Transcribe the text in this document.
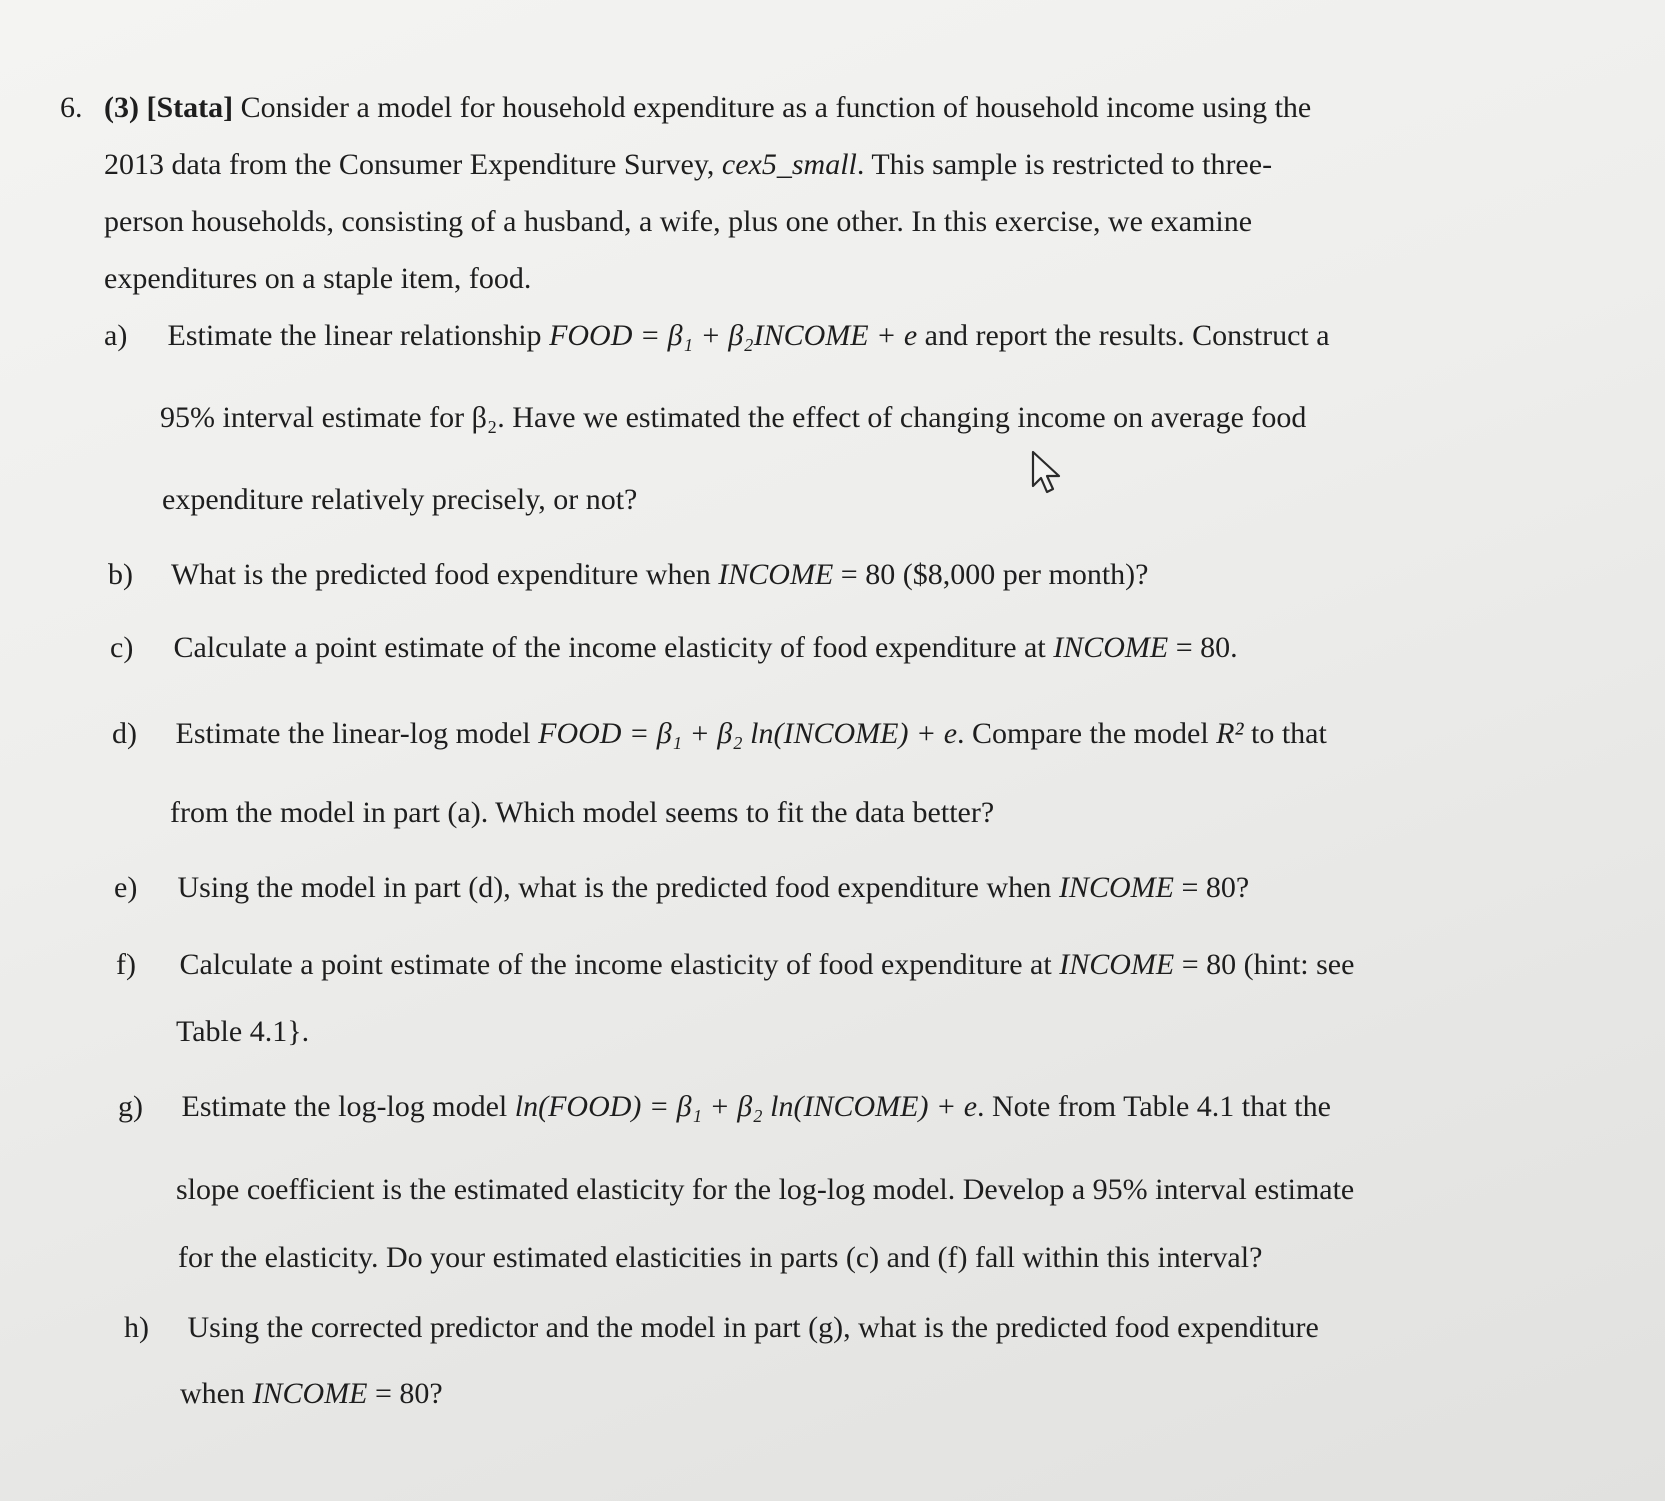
6. (3) [Stata] Consider a model for household expenditure as a function of household income using the
2013 data from the Consumer Expenditure Survey, cex5_small. This sample is restricted to three-
person households, consisting of a husband, a wife, plus one other. In this exercise, we examine
expenditures on a staple item, food.
a) Estimate the linear relationship FOOD = β₁ + β₂INCOME + e and report the results. Construct a
95% interval estimate for β₂. Have we estimated the effect of changing income on average food
expenditure relatively precisely, or not?
b) What is the predicted food expenditure when INCOME = 80 ($8,000 per month)?
c) Calculate a point estimate of the income elasticity of food expenditure at INCOME = 80.
d) Estimate the linear-log model FOOD = β₁ + β₂ ln(INCOME) + e. Compare the model R² to that
from the model in part (a). Which model seems to fit the data better?
e) Using the model in part (d), what is the predicted food expenditure when INCOME = 80?
f) Calculate a point estimate of the income elasticity of food expenditure at INCOME = 80 (hint: see
Table 4.1}.
g) Estimate the log-log model ln(FOOD) = β₁ + β₂ ln(INCOME) + e. Note from Table 4.1 that the
slope coefficient is the estimated elasticity for the log-log model. Develop a 95% interval estimate
for the elasticity. Do your estimated elasticities in parts (c) and (f) fall within this interval?
h) Using the corrected predictor and the model in part (g), what is the predicted food expenditure
when INCOME = 80?
